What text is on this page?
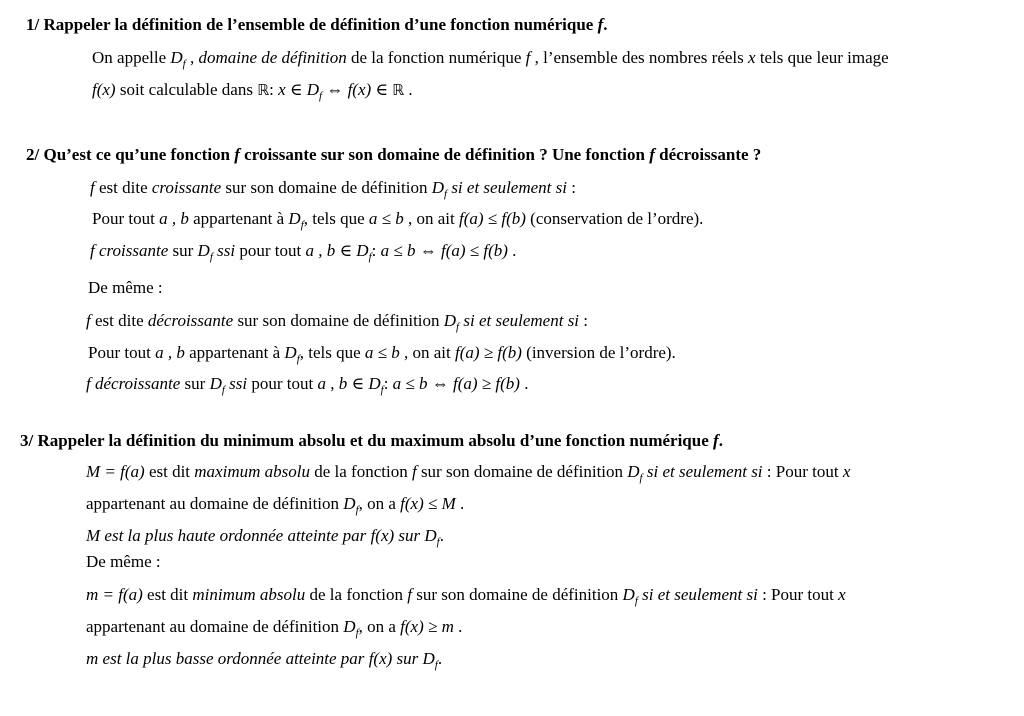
1/ Rappeler la définition de l’ensemble de définition d’une fonction numérique f.
On appelle $D_f$ , domaine de définition de la fonction numérique f , l’ensemble des nombres réels x tels que leur image
f(x) soit calculable dans ℝ: x ∈ $D_f$ ⇔ f(x) ∈ ℝ .
2/ Qu’est ce qu’une fonction f croissante sur son domaine de définition ? Une fonction f décroissante ?
f est dite croissante sur son domaine de définition $D_f$ si et seulement si :
Pour tout a , b appartenant à $D_f$, tels que a ≤ b , on ait f(a) ≤ f(b) (conservation de l’ordre).
f croissante sur $D_f$ ssi pour tout a , b ∈ $D_f$: a ≤ b ⇔ f(a) ≤ f(b) .
De même :
f est dite décroissante sur son domaine de définition $D_f$ si et seulement si :
Pour tout a , b appartenant à $D_f$, tels que a ≤ b , on ait f(a) ≥ f(b) (inversion de l’ordre).
f décroissante sur $D_f$ ssi pour tout a , b ∈ $D_f$: a ≤ b ⇔ f(a) ≥ f(b) .
3/ Rappeler la définition du minimum absolu et du maximum absolu d’une fonction numérique f.
M = f(a) est dit maximum absolu de la fonction f sur son domaine de définition $D_f$ si et seulement si : Pour tout x
appartenant au domaine de définition $D_f$, on a f(x) ≤ M .
M est la plus haute ordonnée atteinte par f(x) sur $D_f$.
De même :
m = f(a) est dit minimum absolu de la fonction f sur son domaine de définition $D_f$ si et seulement si : Pour tout x
appartenant au domaine de définition $D_f$, on a f(x) ≥ m .
m est la plus basse ordonnée atteinte par f(x) sur $D_f$.
